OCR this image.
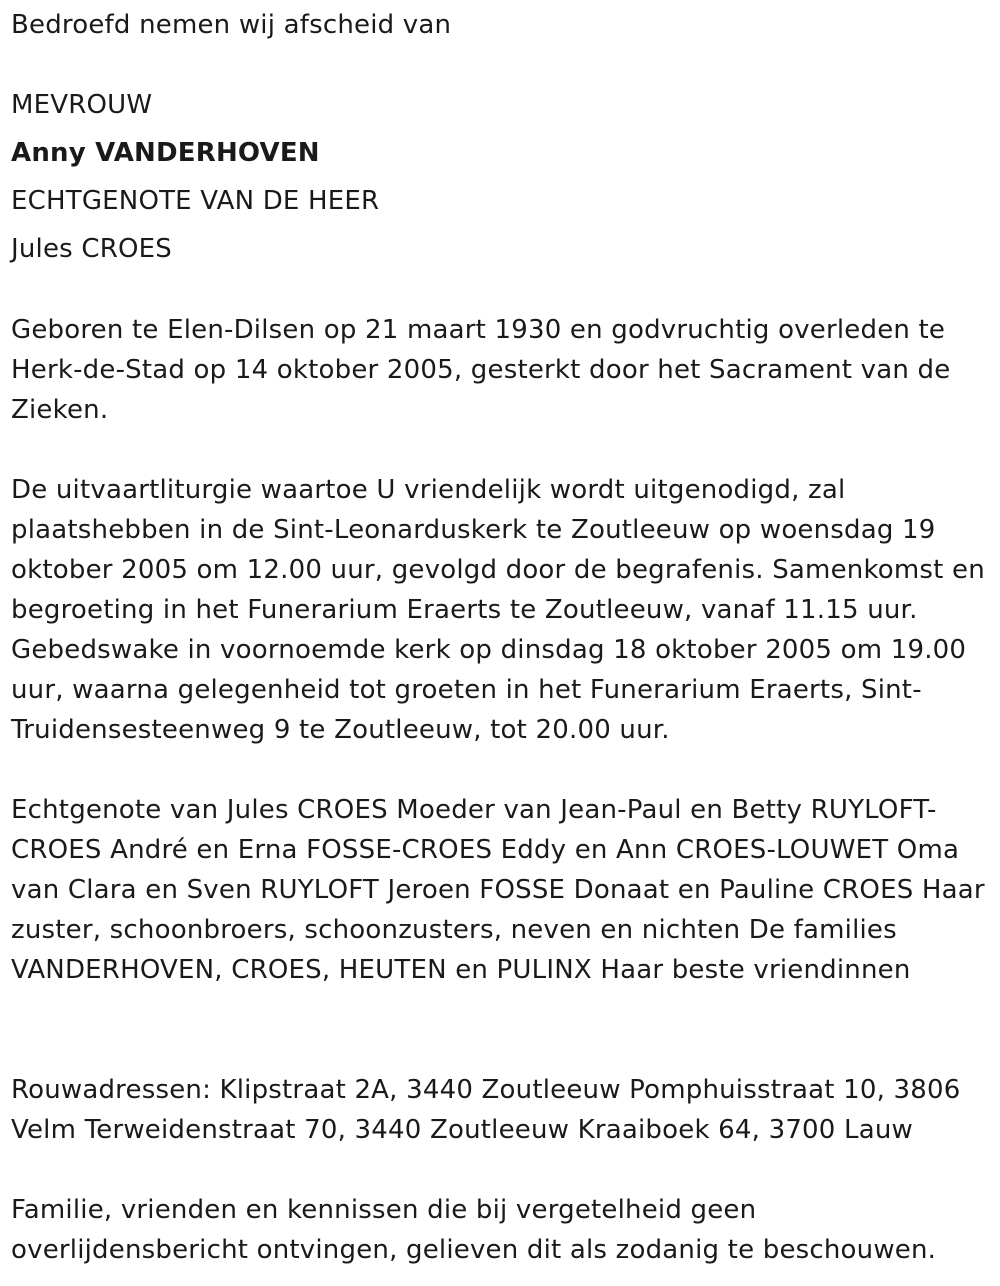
Bedroefd nemen wij afscheid van

MEVROUW

Anny VANDERHOVEN

ECHTGENOTE VAN DE HEER

Jules CROES

Geboren te Elen-Dilsen op 21 maart 1930 en godvruchtig overleden te Herk-de-Stad op 14 oktober 2005, gesterkt door het Sacrament van de Zieken.

De uitvaartliturgie waartoe U vriendelijk wordt uitgenodigd, zal plaatshebben in de Sint-Leonarduskerk te Zoutleeuw op woensdag 19 oktober 2005 om 12.00 uur, gevolgd door de begrafenis. Samenkomst en begroeting in het Funerarium Eraerts te Zoutleeuw, vanaf 11.15 uur. Gebedswake in voornoemde kerk op dinsdag 18 oktober 2005 om 19.00 uur, waarna gelegenheid tot groeten in het Funerarium Eraerts, Sint-Truidensesteenweg 9 te Zoutleeuw, tot 20.00 uur.

Echtgenote van Jules CROES Moeder van Jean-Paul en Betty RUYLOFT-CROES André en Erna FOSSE-CROES Eddy en Ann CROES-LOUWET Oma van Clara en Sven RUYLOFT Jeroen FOSSE Donaat en Pauline CROES Haar zuster, schoonbroers, schoonzusters, neven en nichten De families VANDERHOVEN, CROES, HEUTEN en PULINX Haar beste vriendinnen

Rouwadressen: Klipstraat 2A, 3440 Zoutleeuw Pomphuisstraat 10, 3806 Velm Terweidenstraat 70, 3440 Zoutleeuw Kraaiboek 64, 3700 Lauw

Familie, vrienden en kennissen die bij vergetelheid geen overlijdensbericht ontvingen, gelieven dit als zodanig te beschouwen.
